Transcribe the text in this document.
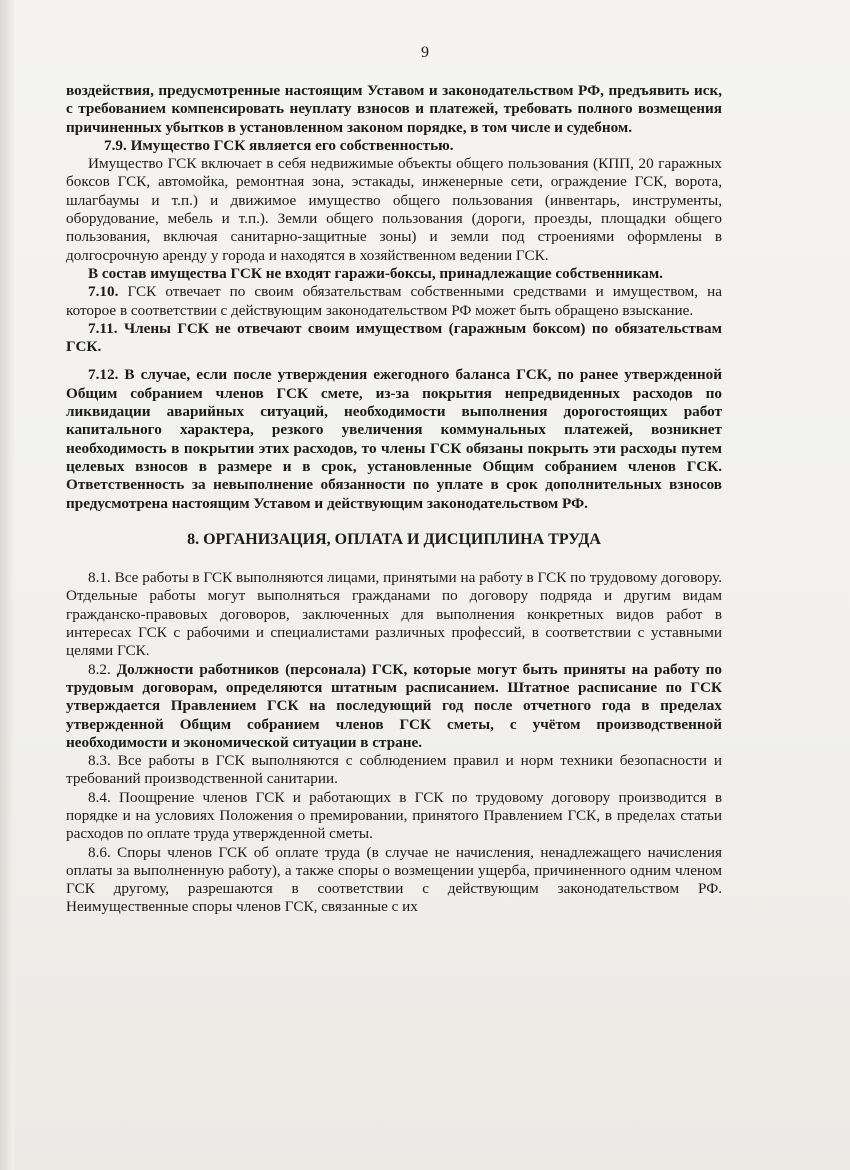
9

воздействия, предусмотренные настоящим Уставом и законодательством РФ, предъявить иск, с требованием компенсировать неуплату взносов и платежей, требовать полного возмещения причиненных убытков в установленном законом порядке, в том числе и судебном.

7.9. Имущество ГСК является его собственностью.

Имущество ГСК включает в себя недвижимые объекты общего пользования (КПП, 20 гаражных боксов ГСК, автомойка, ремонтная зона, эстакады, инженерные сети, ограждение ГСК, ворота, шлагбаумы и т.п.) и движимое имущество общего пользования (инвентарь, инструменты, оборудование, мебель и т.п.). Земли общего пользования (дороги, проезды, площадки общего пользования, включая санитарно-защитные зоны) и земли под строениями оформлены в долгосрочную аренду у города и находятся в хозяйственном ведении ГСК.

В состав имущества ГСК не входят гаражи-боксы, принадлежащие собственникам.

7.10. ГСК отвечает по своим обязательствам собственными средствами и имуществом, на которое в соответствии с действующим законодательством РФ может быть обращено взыскание.

7.11. Члены ГСК не отвечают своим имуществом (гаражным боксом) по обязательствам ГСК.

7.12. В случае, если после утверждения ежегодного баланса ГСК, по ранее утвержденной Общим собранием членов ГСК смете, из-за покрытия непредвиденных расходов по ликвидации аварийных ситуаций, необходимости выполнения дорогостоящих работ капитального характера, резкого увеличения коммунальных платежей, возникнет необходимость в покрытии этих расходов, то члены ГСК обязаны покрыть эти расходы путем целевых взносов в размере и в срок, установленные Общим собранием членов ГСК. Ответственность за невыполнение обязанности по уплате в срок дополнительных взносов предусмотрена настоящим Уставом и действующим законодательством РФ.

8. ОРГАНИЗАЦИЯ, ОПЛАТА И ДИСЦИПЛИНА ТРУДА

8.1. Все работы в ГСК выполняются лицами, принятыми на работу в ГСК по трудовому договору. Отдельные работы могут выполняться гражданами по договору подряда и другим видам гражданско-правовых договоров, заключенных для выполнения конкретных видов работ в интересах ГСК с рабочими и специалистами различных профессий, в соответствии с уставными целями ГСК.

8.2. Должности работников (персонала) ГСК, которые могут быть приняты на работу по трудовым договорам, определяются штатным расписанием. Штатное расписание по ГСК утверждается Правлением ГСК на последующий год после отчетного года в пределах утвержденной Общим собранием членов ГСК сметы, с учётом производственной необходимости и экономической ситуации в стране.

8.3. Все работы в ГСК выполняются с соблюдением правил и норм техники безопасности и требований производственной санитарии.

8.4. Поощрение членов ГСК и работающих в ГСК по трудовому договору производится в порядке и на условиях Положения о премировании, принятого Правлением ГСК, в пределах статьи расходов по оплате труда утвержденной сметы.

8.6. Споры членов ГСК об оплате труда (в случае не начисления, ненадлежащего начисления оплаты за выполненную работу), а также споры о возмещении ущерба, причиненного одним членом ГСК другому, разрешаются в соответствии с действующим законодательством РФ. Неимущественные споры членов ГСК, связанные с их
